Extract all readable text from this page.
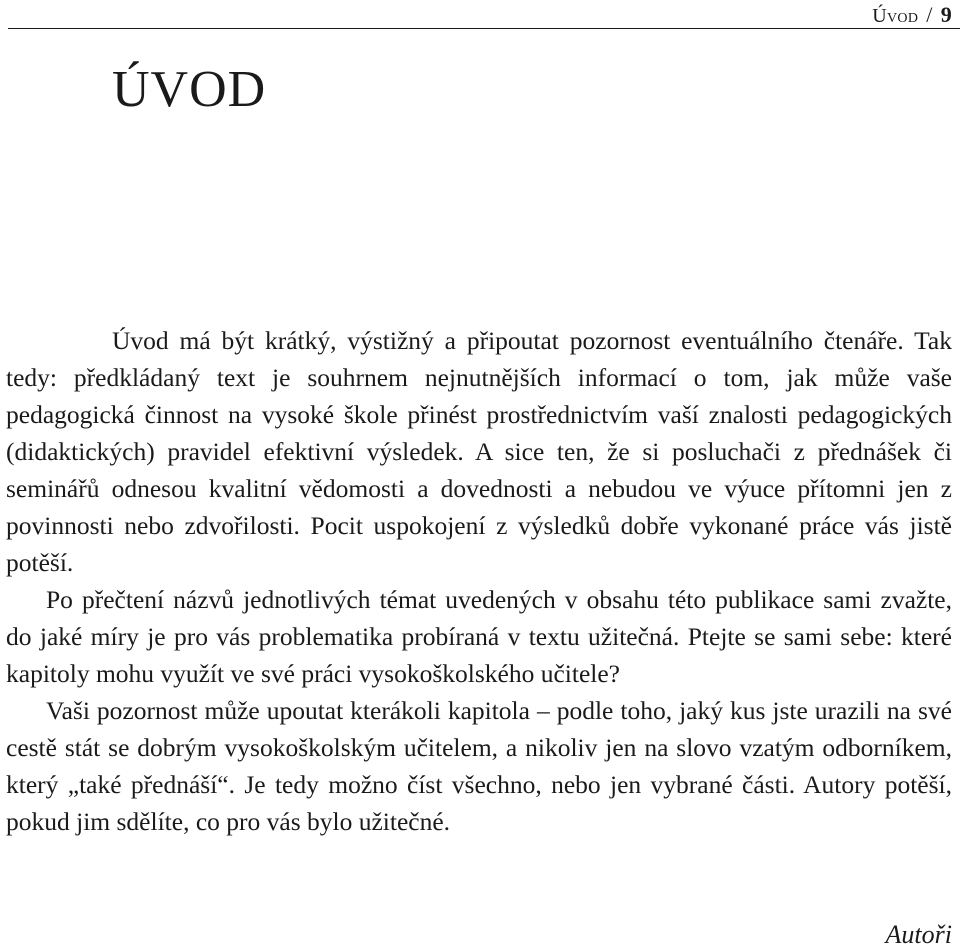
Úvod / 9
ÚVOD

Úvod má být krátký, výstižný a připoutat pozornost eventuálního čtenáře. Tak tedy: předkládaný text je souhrnem nejnutnějších informací o tom, jak může vaše pedagogická činnost na vysoké škole přinést prostřednictvím vaší znalosti pedagogických (didaktických) pravidel efektivní výsledek. A sice ten, že si posluchači z přednášek či seminářů odnesou kvalitní vědomosti a dovednosti a nebudou ve výuce přítomni jen z povinnosti nebo zdvořilosti. Pocit uspokojení z výsledků dobře vykonané práce vás jistě potěší.

Po přečtení názvů jednotlivých témat uvedených v obsahu této publikace sami zvažte, do jaké míry je pro vás problematika probíraná v textu užitečná. Ptejte se sami sebe: které kapitoly mohu využít ve své práci vysokoškolského učitele?

Vaši pozornost může upoutat kterákoli kapitola – podle toho, jaký kus jste urazili na své cestě stát se dobrým vysokoškolským učitelem, a nikoliv jen na slovo vzatým odborníkem, který „také přednáší“. Je tedy možno číst všechno, nebo jen vybrané části. Autory potěší, pokud jim sdělíte, co pro vás bylo užitečné.

Autoři
